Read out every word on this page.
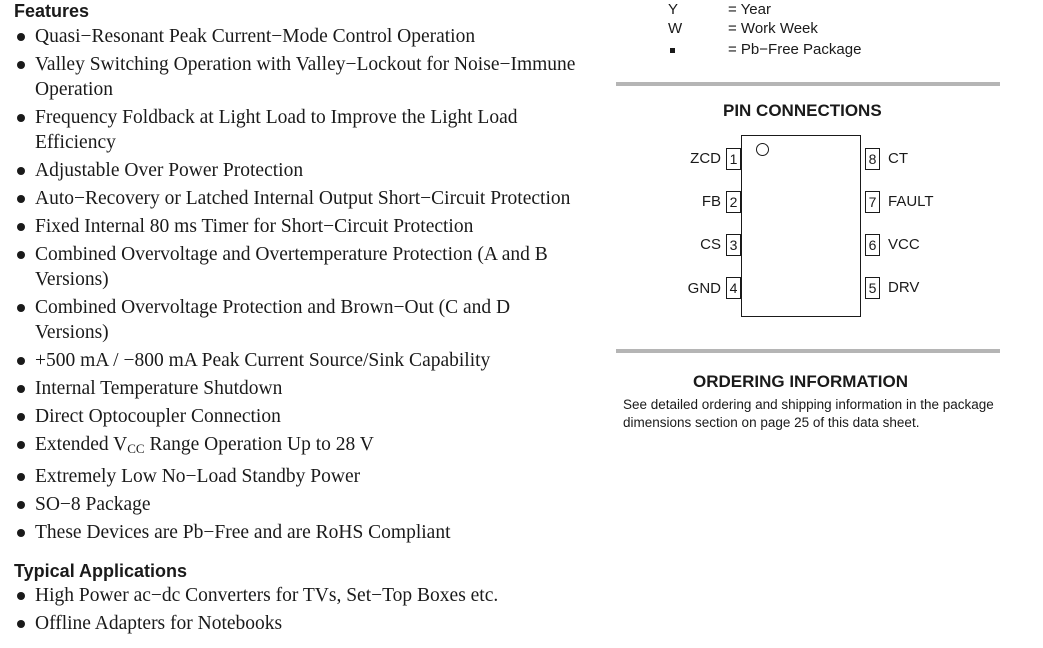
Features
Quasi−Resonant Peak Current−Mode Control Operation
Valley Switching Operation with Valley−Lockout for Noise−Immune
Operation
Frequency Foldback at Light Load to Improve the Light Load
Efficiency
Adjustable Over Power Protection
Auto−Recovery or Latched Internal Output Short−Circuit Protection
Fixed Internal 80 ms Timer for Short−Circuit Protection
Combined Overvoltage and Overtemperature Protection (A and B
Versions)
Combined Overvoltage Protection and Brown−Out (C and D
Versions)
+500 mA / −800 mA Peak Current Source/Sink Capability
Internal Temperature Shutdown
Direct Optocoupler Connection
Extended $V_{CC}$ Range Operation Up to 28 V
Extremely Low No−Load Standby Power
SO−8 Package
These Devices are Pb−Free and are RoHS Compliant
Typical Applications
High Power ac−dc Converters for TVs, Set−Top Boxes etc.
Offline Adapters for Notebooks
Y	= Year
W	= Work Week
= Pb−Free Package
PIN CONNECTIONS
1
ZCD
2
FB
3
CS
4
GND
8 CT
7 FAULT
6 VCC
5 DRV
ORDERING INFORMATION
See detailed ordering and shipping information in the package dimensions section on page 25 of this data sheet.
